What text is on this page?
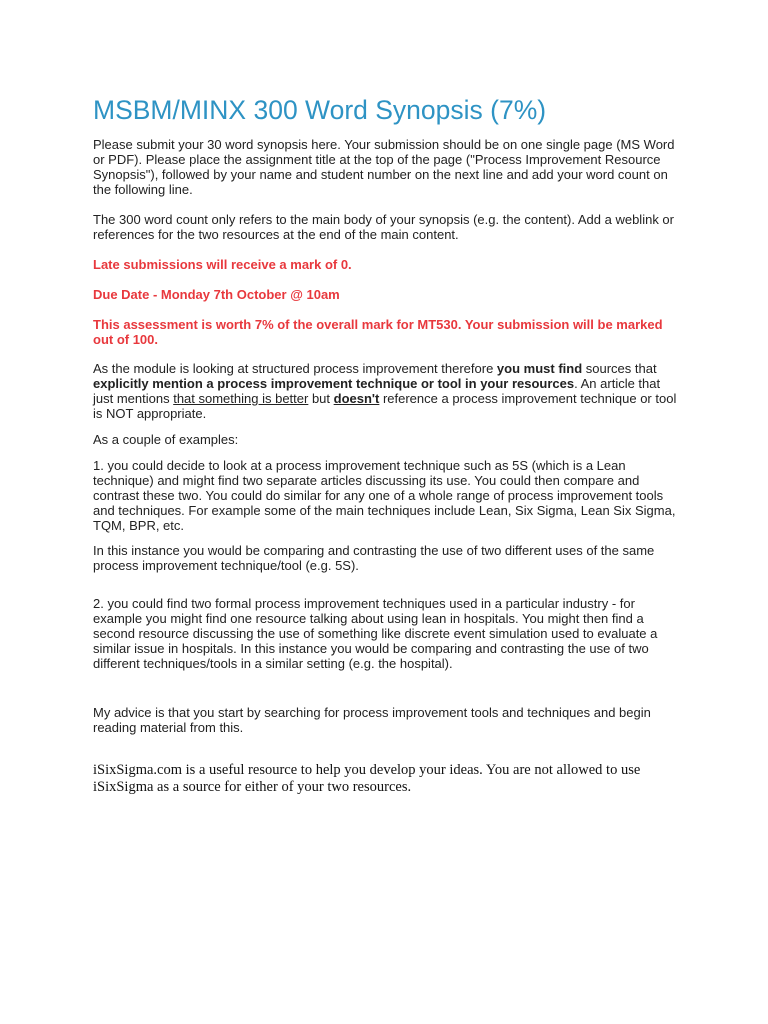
MSBM/MINX 300 Word Synopsis (7%)

Please submit your 30 word synopsis here. Your submission should be on one single page (MS Word or PDF). Please place the assignment title at the top of the page ("Process Improvement Resource Synopsis"), followed by your name and student number on the next line and add your word count on the following line.

The 300 word count only refers to the main body of your synopsis (e.g. the content). Add a weblink or references for the two resources at the end of the main content.

Late submissions will receive a mark of 0.

Due Date - Monday 7th October @ 10am

This assessment is worth 7% of the overall mark for MT530. Your submission will be marked out of 100.

As the module is looking at structured process improvement therefore you must find sources that explicitly mention a process improvement technique or tool in your resources. An article that just mentions that something is better but doesn't reference a process improvement technique or tool is NOT appropriate.

As a couple of examples:

1. you could decide to look at a process improvement technique such as 5S (which is a Lean technique) and might find two separate articles discussing its use. You could then compare and contrast these two. You could do similar for any one of a whole range of process improvement tools and techniques. For example some of the main techniques include Lean, Six Sigma, Lean Six Sigma, TQM, BPR, etc.

In this instance you would be comparing and contrasting the use of two different uses of the same process improvement technique/tool (e.g. 5S).

2. you could find two formal process improvement techniques used in a particular industry - for example you might find one resource talking about using lean in hospitals. You might then find a second resource discussing the use of something like discrete event simulation used to evaluate a similar issue in hospitals. In this instance you would be comparing and contrasting the use of two different techniques/tools in a similar setting (e.g. the hospital).

My advice is that you start by searching for process improvement tools and techniques and begin reading material from this.

iSixSigma.com is a useful resource to help you develop your ideas. You are not allowed to use iSixSigma as a source for either of your two resources.
